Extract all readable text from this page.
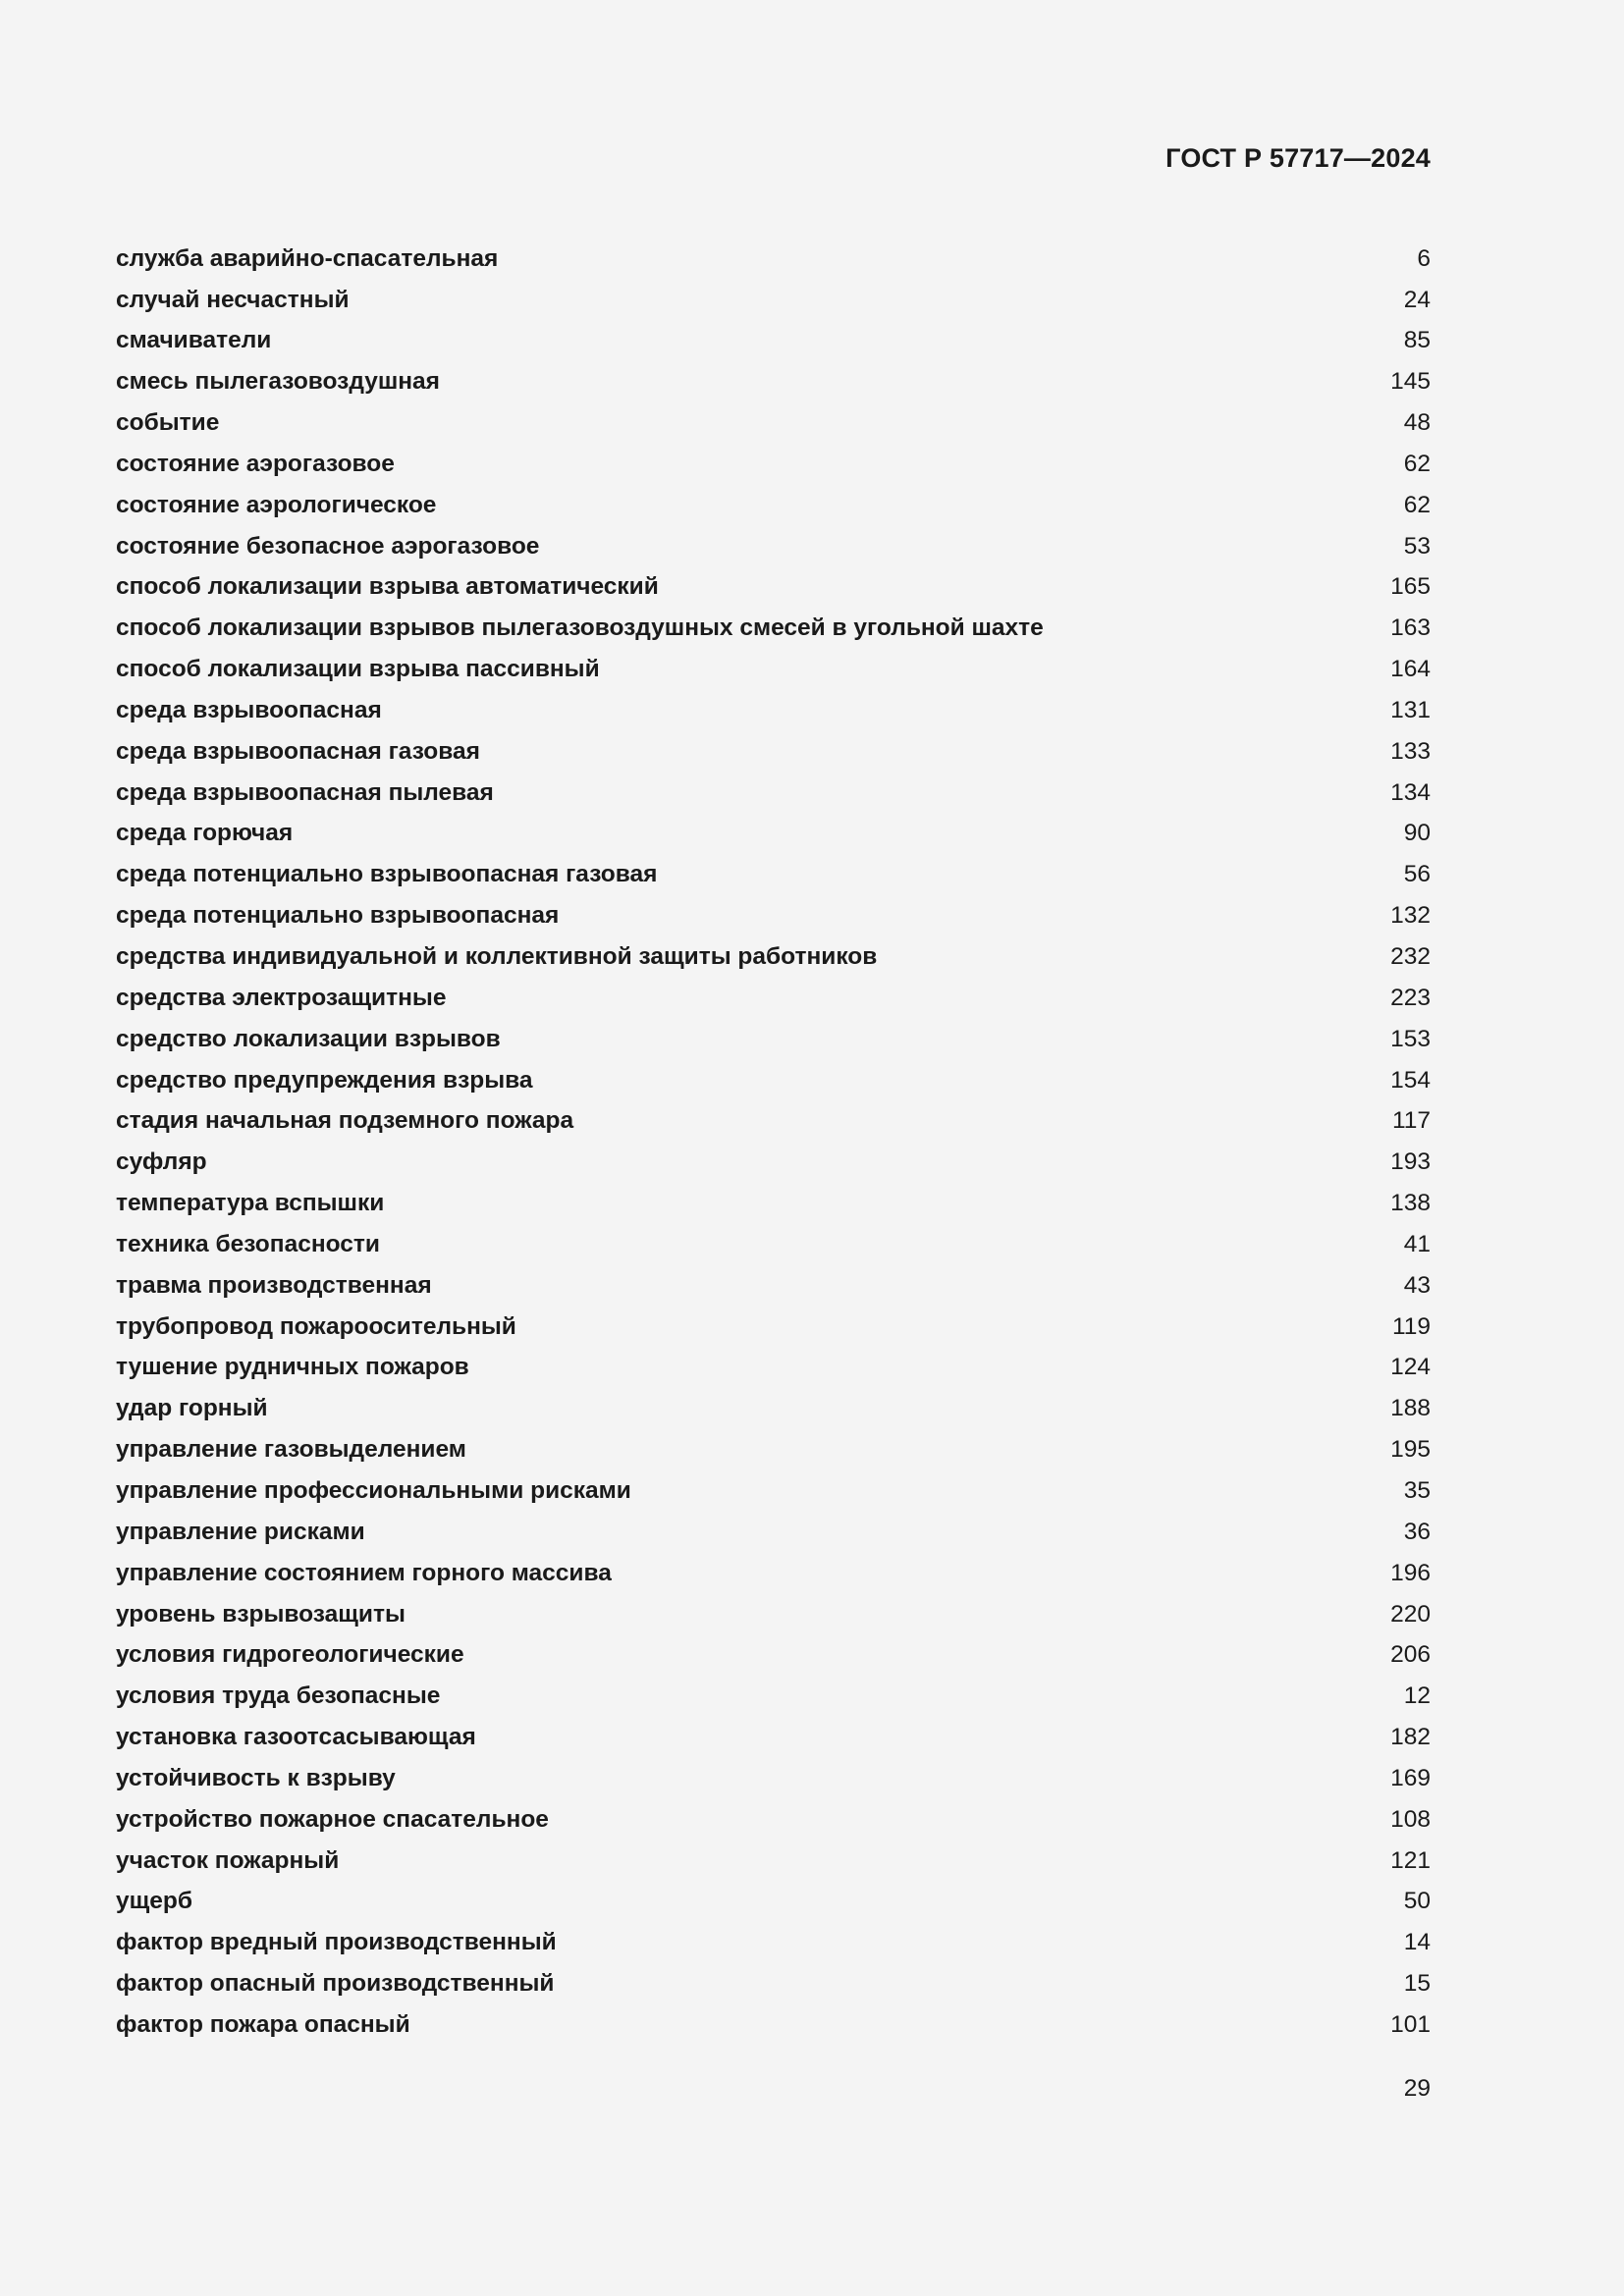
ГОСТ Р 57717—2024
служба аварийно-спасательная	6
случай несчастный	24
смачиватели	85
смесь пылегазовоздушная	145
событие	48
состояние аэрогазовое	62
состояние аэрологическое	62
состояние безопасное аэрогазовое	53
способ локализации взрыва автоматический	165
способ локализации взрывов пылегазовоздушных смесей в угольной шахте	163
способ локализации взрыва пассивный	164
среда взрывоопасная	131
среда взрывоопасная газовая	133
среда взрывоопасная пылевая	134
среда горючая	90
среда потенциально взрывоопасная газовая	56
среда потенциально взрывоопасная	132
средства индивидуальной и коллективной защиты работников	232
средства электрозащитные	223
средство локализации взрывов	153
средство предупреждения взрыва	154
стадия начальная подземного пожара	117
суфляр	193
температура вспышки	138
техника безопасности	41
травма производственная	43
трубопровод пожароосительный	119
тушение рудничных пожаров	124
удар горный	188
управление газовыделением	195
управление профессиональными рисками	35
управление рисками	36
управление состоянием горного массива	196
уровень взрывозащиты	220
условия гидрогеологические	206
условия труда безопасные	12
установка газоотсасывающая	182
устойчивость к взрыву	169
устройство пожарное спасательное	108
участок пожарный	121
ущерб	50
фактор вредный производственный	14
фактор опасный производственный	15
фактор пожара опасный	101
29
